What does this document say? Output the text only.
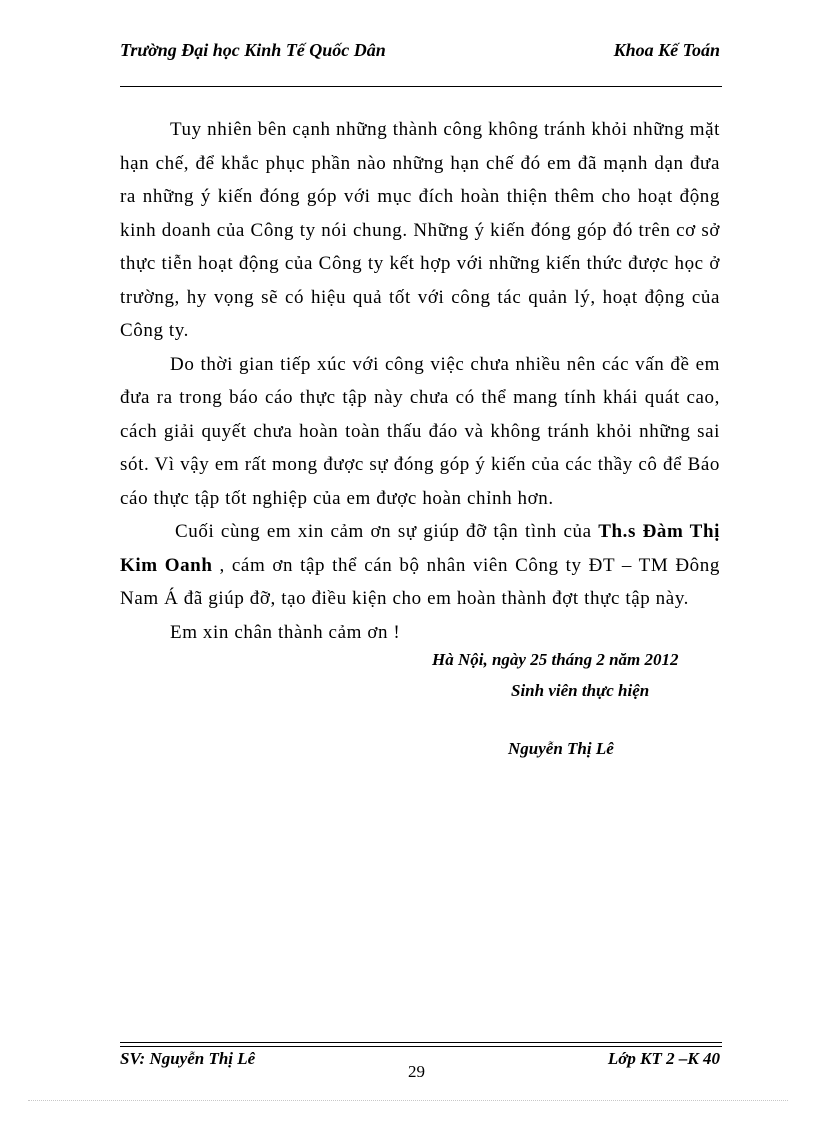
Trường Đại học Kinh Tế Quốc Dân	Khoa Kế Toán

Tuy nhiên bên cạnh những thành công không tránh khỏi những mặt hạn chế, để khắc phục phần nào những hạn chế đó em đã mạnh dạn đưa ra những ý kiến đóng góp với mục đích hoàn thiện thêm cho hoạt động kinh doanh của Công ty nói chung. Những ý kiến đóng góp đó trên cơ sở thực tiễn hoạt động của Công ty kết hợp với những kiến thức được học ở trường, hy vọng sẽ có hiệu quả tốt với công tác quản lý, hoạt động của Công ty.

Do thời gian tiếp xúc với công việc chưa nhiều nên các vấn đề em đưa ra trong báo cáo thực tập này chưa có thể mang tính khái quát cao, cách giải quyết chưa hoàn toàn thấu đáo và không tránh khỏi những sai sót. Vì vậy em rất mong được sự đóng góp ý kiến của các thầy cô để Báo cáo thực tập tốt nghiệp của em được hoàn chỉnh hơn.

Cuối cùng em xin cảm ơn sự giúp đỡ tận tình của Th.s Đàm Thị Kim Oanh , cám ơn tập thể cán bộ nhân viên Công ty ĐT – TM Đông Nam Á đã giúp đỡ, tạo điều kiện cho em hoàn thành đợt thực tập này.

Em xin chân thành cảm ơn !

Hà Nội, ngày 25 tháng 2 năm 2012
Sinh viên thực hiện
Nguyễn Thị Lê
SV: Nguyễn Thị Lê
29
Lớp KT 2 –K 40
